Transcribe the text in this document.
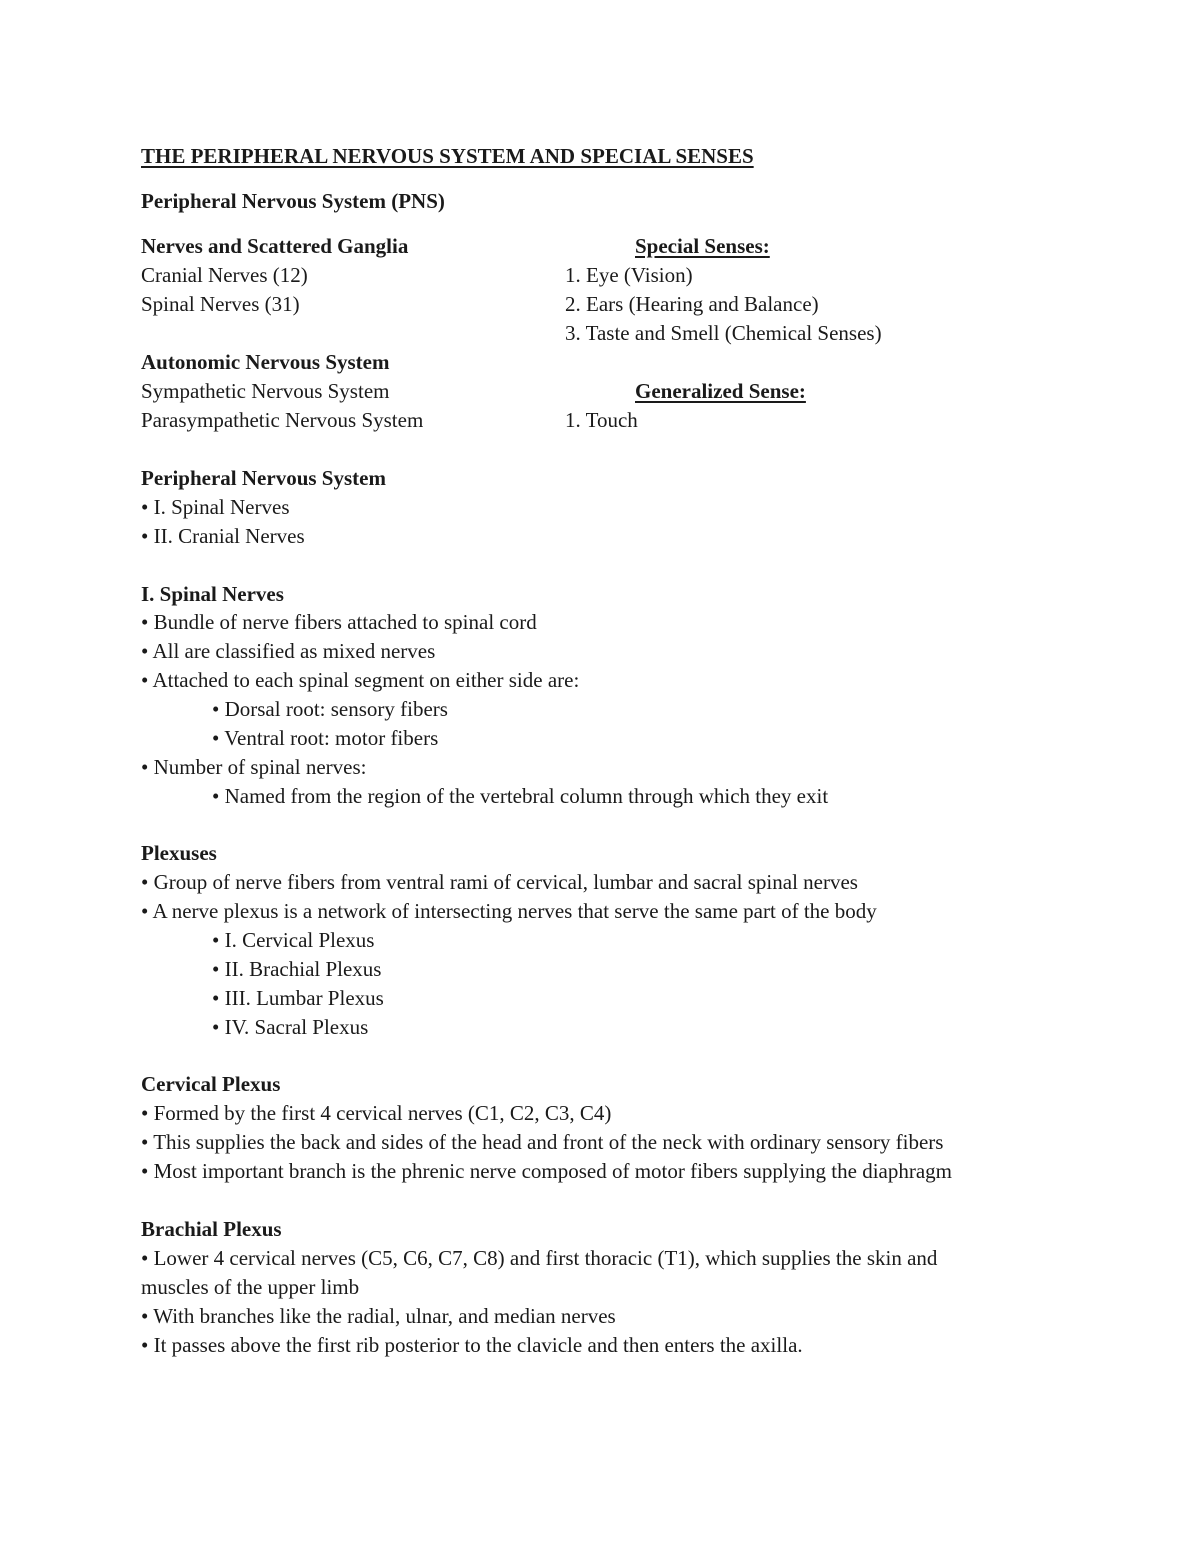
THE PERIPHERAL NERVOUS SYSTEM AND SPECIAL SENSES
Peripheral Nervous System (PNS)
Nerves and Scattered Ganglia
Cranial Nerves (12)
Spinal Nerves (31)
Autonomic Nervous System
Sympathetic Nervous System
Parasympathetic Nervous System
Special Senses:
1. Eye (Vision)
2. Ears (Hearing and Balance)
3. Taste and Smell (Chemical Senses)
Generalized Sense:
1. Touch
Peripheral Nervous System
• I. Spinal Nerves
• II. Cranial Nerves
I. Spinal Nerves
• Bundle of nerve fibers attached to spinal cord
• All are classified as mixed nerves
• Attached to each spinal segment on either side are:
• Dorsal root: sensory fibers
• Ventral root: motor fibers
• Number of spinal nerves:
• Named from the region of the vertebral column through which they exit
Plexuses
• Group of nerve fibers from ventral rami of cervical, lumbar and sacral spinal nerves
• A nerve plexus is a network of intersecting nerves that serve the same part of the body
• I. Cervical Plexus
• II. Brachial Plexus
• III. Lumbar Plexus
• IV. Sacral Plexus
Cervical Plexus
• Formed by the first 4 cervical nerves (C1, C2, C3, C4)
• This supplies the back and sides of the head and front of the neck with ordinary sensory fibers
• Most important branch is the phrenic nerve composed of motor fibers supplying the diaphragm
Brachial Plexus
• Lower 4 cervical nerves (C5, C6, C7, C8) and first thoracic (T1), which supplies the skin and
muscles of the upper limb
• With branches like the radial, ulnar, and median nerves
• It passes above the first rib posterior to the clavicle and then enters the axilla.
